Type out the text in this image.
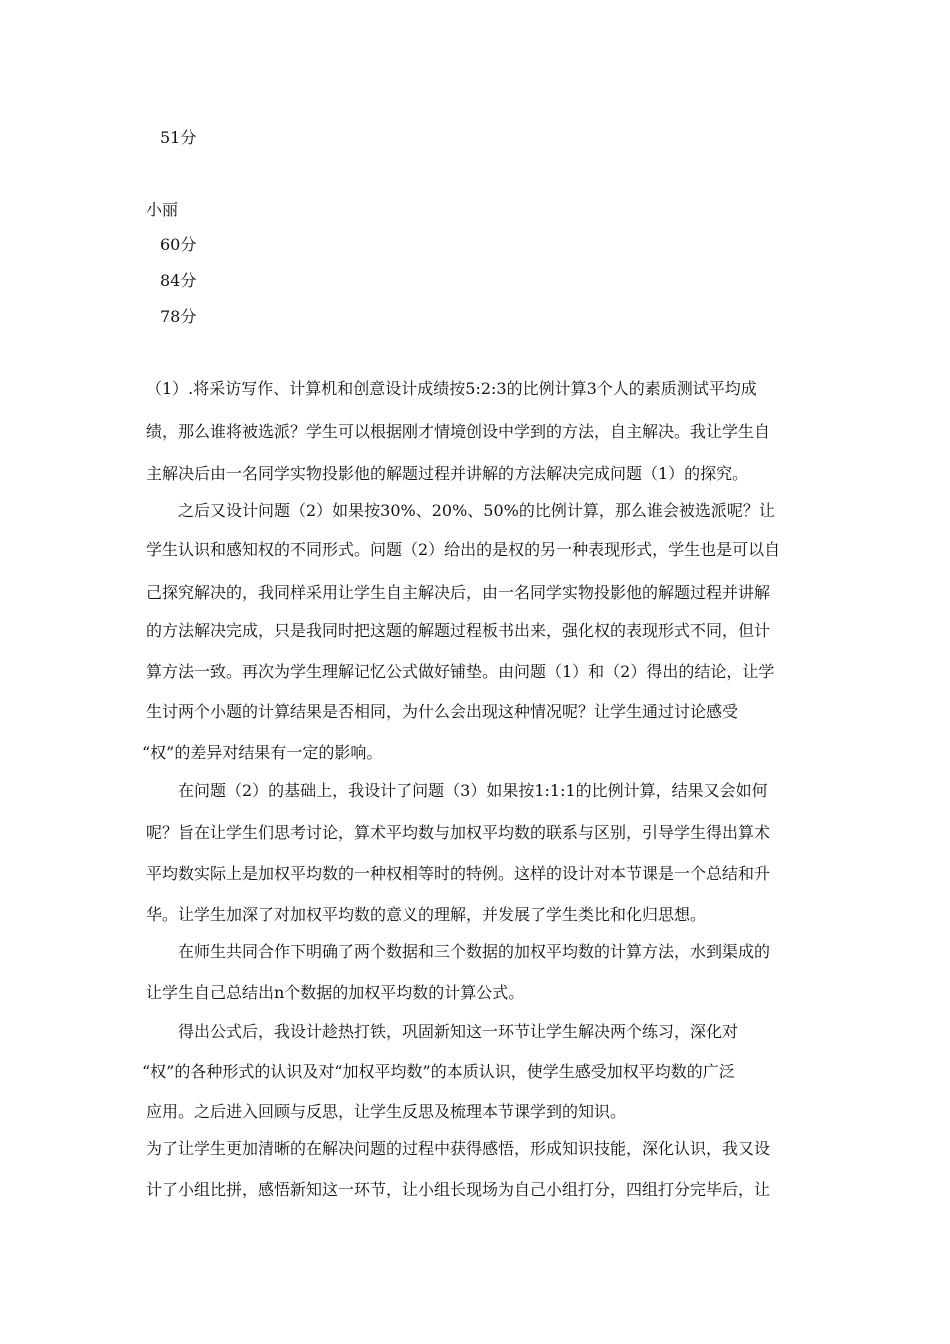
51分
小丽
60分
84分
78分
（1）.将采访写作、计算机和创意设计成绩按5:2:3的比例计算3个人的素质测试平均成
绩，那么谁将被选派？学生可以根据刚才情境创设中学到的方法，自主解决。我让学生自
主解决后由一名同学实物投影他的解题过程并讲解的方法解决完成问题（1）的探究。
之后又设计问题（2）如果按30%、20%、50%的比例计算，那么谁会被选派呢？让
学生认识和感知权的不同形式。问题（2）给出的是权的另一种表现形式，学生也是可以自
己探究解决的，我同样采用让学生自主解决后，由一名同学实物投影他的解题过程并讲解
的方法解决完成，只是我同时把这题的解题过程板书出来，强化权的表现形式不同，但计
算方法一致。再次为学生理解记忆公式做好铺垫。由问题（1）和（2）得出的结论，让学
生讨两个小题的计算结果是否相同，为什么会出现这种情况呢？让学生通过讨论感受
“权”的差异对结果有一定的影响。
在问题（2）的基础上，我设计了问题（3）如果按1:1:1的比例计算，结果又会如何
呢？旨在让学生们思考讨论，算术平均数与加权平均数的联系与区别，引导学生得出算术
平均数实际上是加权平均数的一种权相等时的特例。这样的设计对本节课是一个总结和升
华。让学生加深了对加权平均数的意义的理解，并发展了学生类比和化归思想。
在师生共同合作下明确了两个数据和三个数据的加权平均数的计算方法，水到渠成的
让学生自己总结出n个数据的加权平均数的计算公式。
得出公式后，我设计趁热打铁，巩固新知这一环节让学生解决两个练习，深化对
“权”的各种形式的认识及对“加权平均数”的本质认识，使学生感受加权平均数的广泛
应用。之后进入回顾与反思，让学生反思及梳理本节课学到的知识。
为了让学生更加清晰的在解决问题的过程中获得感悟，形成知识技能，深化认识，我又设
计了小组比拼，感悟新知这一环节，让小组长现场为自己小组打分，四组打分完毕后，让
